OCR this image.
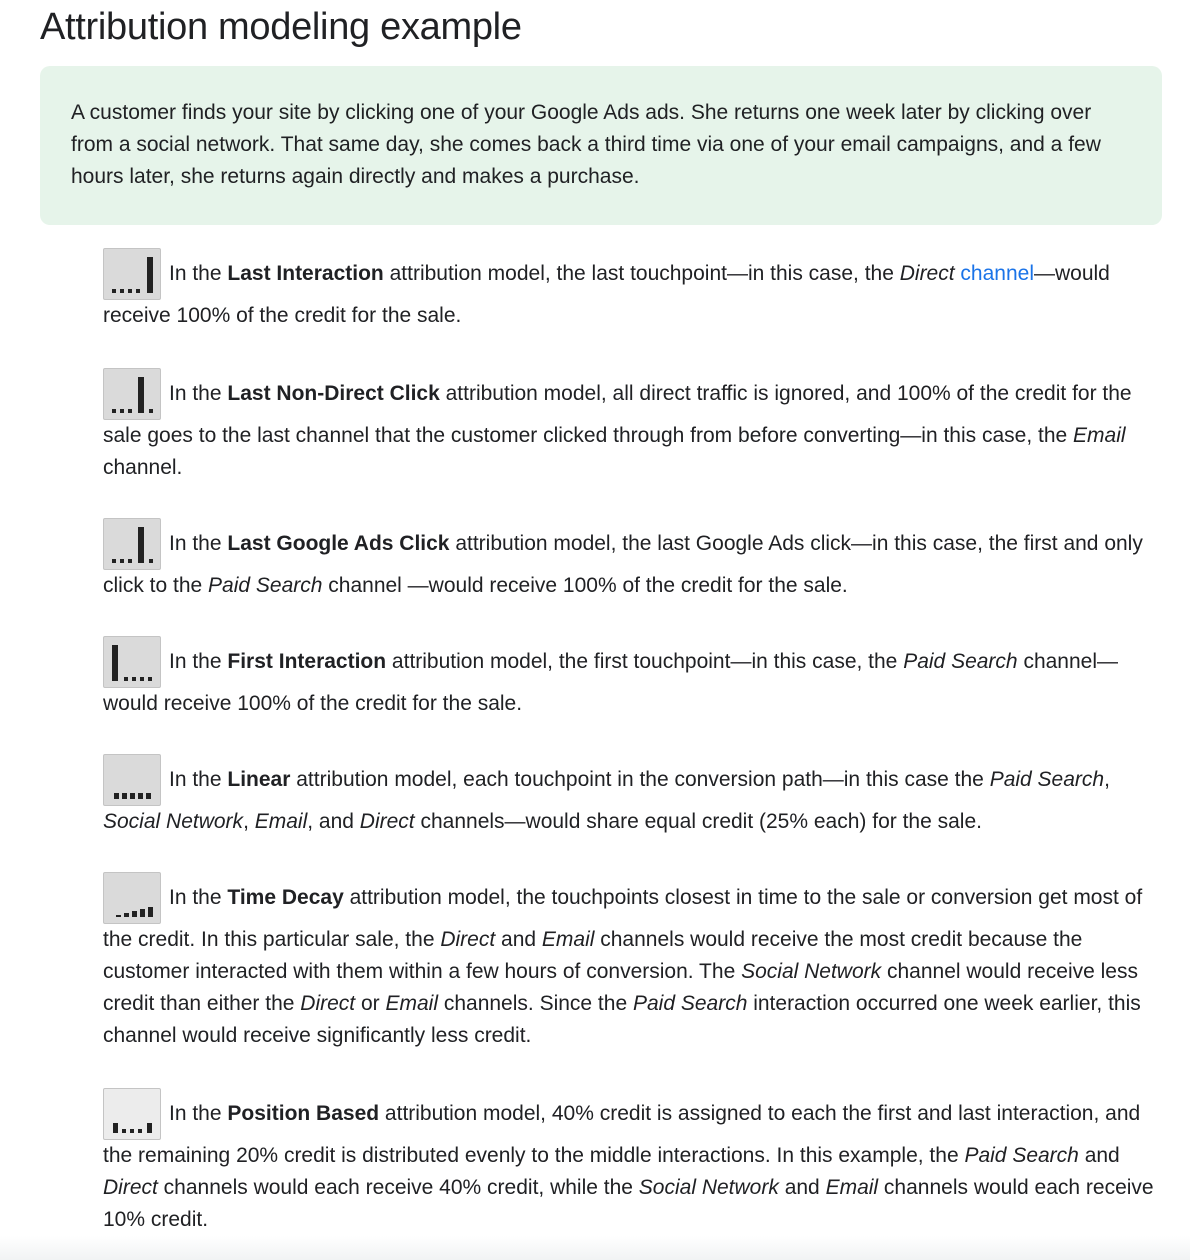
Attribution modeling example
A customer finds your site by clicking one of your Google Ads ads. She returns one week later by clicking over from a social network. That same day, she comes back a third time via one of your email campaigns, and a few hours later, she returns again directly and makes a purchase.
In the Last Interaction attribution model, the last touchpoint—in this case, the Direct channel—would receive 100% of the credit for the sale.
In the Last Non-Direct Click attribution model, all direct traffic is ignored, and 100% of the credit for the sale goes to the last channel that the customer clicked through from before converting—in this case, the Email channel.
In the Last Google Ads Click attribution model, the last Google Ads click—in this case, the first and only click to the Paid Search channel —would receive 100% of the credit for the sale.
In the First Interaction attribution model, the first touchpoint—in this case, the Paid Search channel—would receive 100% of the credit for the sale.
In the Linear attribution model, each touchpoint in the conversion path—in this case the Paid Search, Social Network, Email, and Direct channels—would share equal credit (25% each) for the sale.
In the Time Decay attribution model, the touchpoints closest in time to the sale or conversion get most of the credit. In this particular sale, the Direct and Email channels would receive the most credit because the customer interacted with them within a few hours of conversion. The Social Network channel would receive less credit than either the Direct or Email channels. Since the Paid Search interaction occurred one week earlier, this channel would receive significantly less credit.
In the Position Based attribution model, 40% credit is assigned to each the first and last interaction, and the remaining 20% credit is distributed evenly to the middle interactions. In this example, the Paid Search and Direct channels would each receive 40% credit, while the Social Network and Email channels would each receive 10% credit.
